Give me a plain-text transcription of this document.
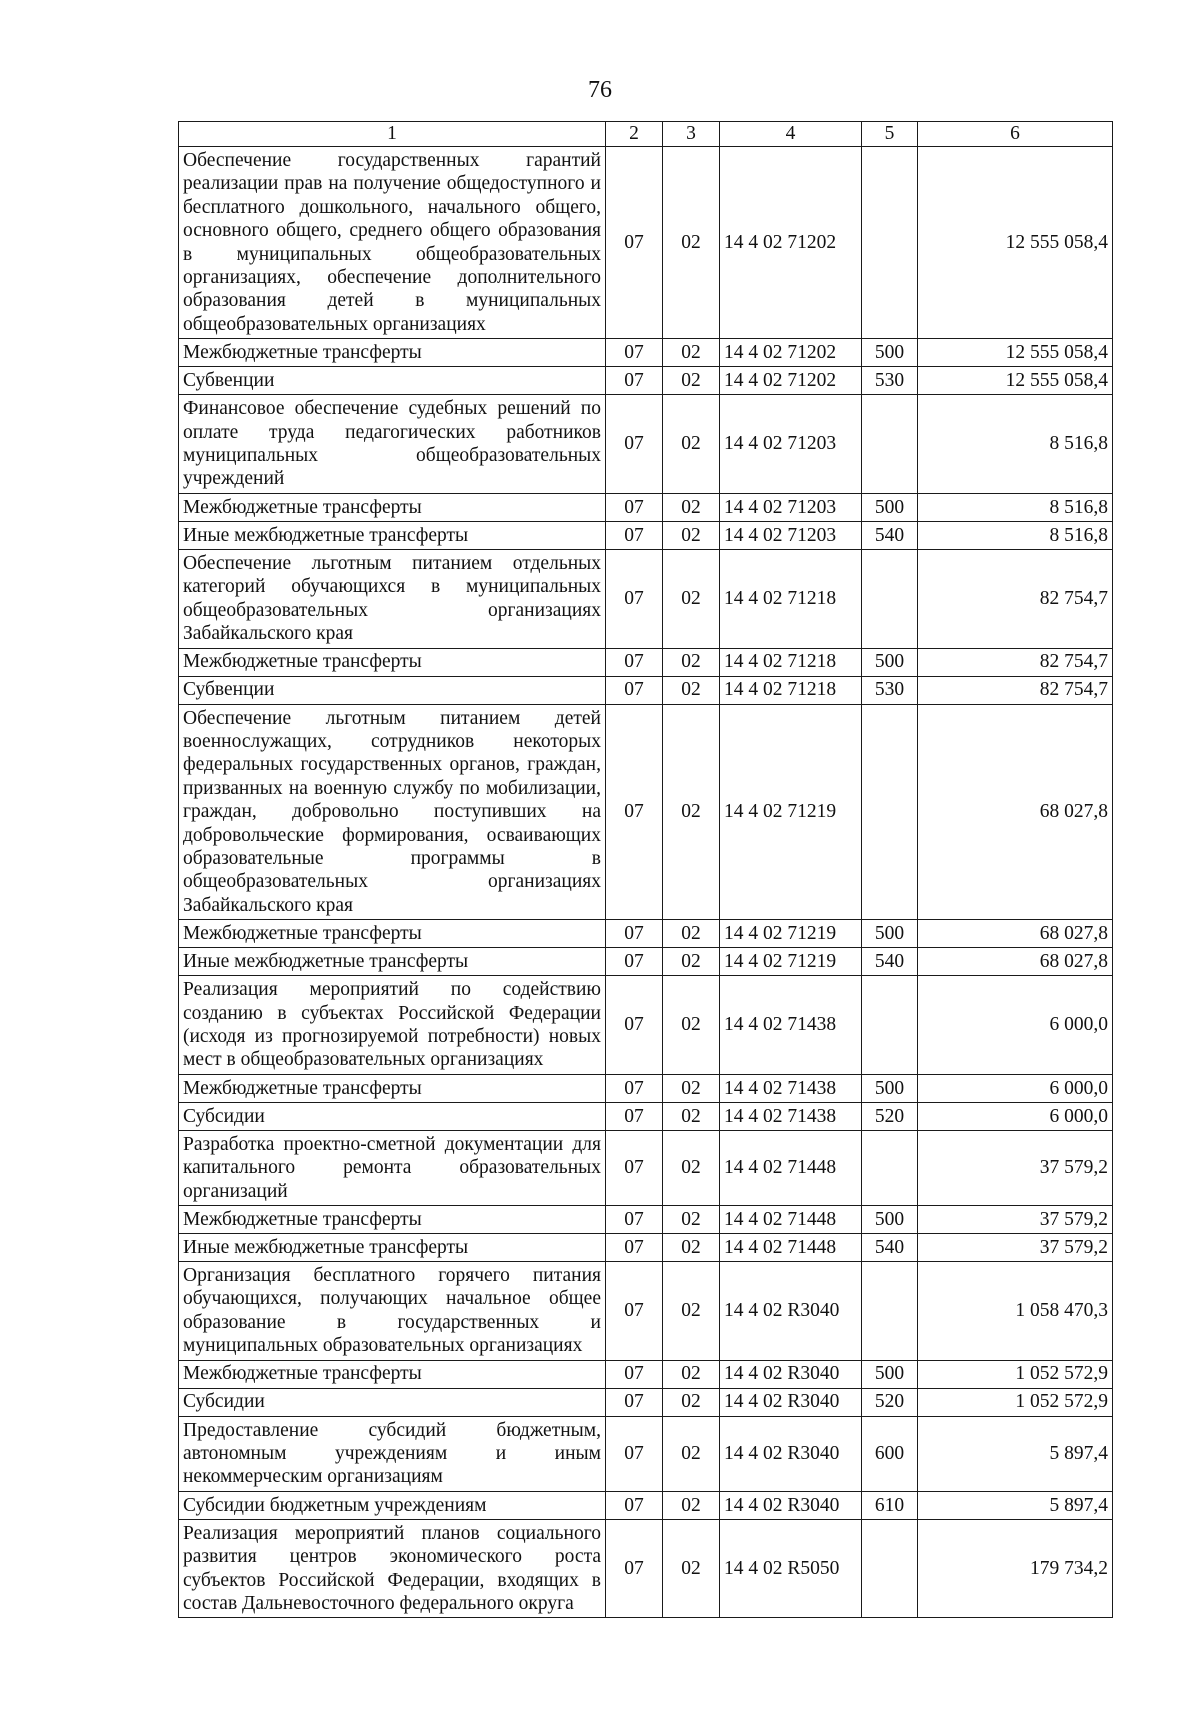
76
1	2	3	4	5	6
Обеспечение государственных гарантий реализации прав на получение общедоступного и бесплатного дошкольного, начального общего, основного общего, среднего общего образования в муниципальных общеобразовательных организациях, обеспечение дополнительного образования детей в муниципальных общеобразовательных организациях	07	02	14 4 02 71202		12 555 058,4
Межбюджетные трансферты	07	02	14 4 02 71202	500	12 555 058,4
Субвенции	07	02	14 4 02 71202	530	12 555 058,4
Финансовое обеспечение судебных решений по оплате труда педагогических работников муниципальных общеобразовательных учреждений	07	02	14 4 02 71203		8 516,8
Межбюджетные трансферты	07	02	14 4 02 71203	500	8 516,8
Иные межбюджетные трансферты	07	02	14 4 02 71203	540	8 516,8
Обеспечение льготным питанием отдельных категорий обучающихся в муниципальных общеобразовательных организациях Забайкальского края	07	02	14 4 02 71218		82 754,7
Межбюджетные трансферты	07	02	14 4 02 71218	500	82 754,7
Субвенции	07	02	14 4 02 71218	530	82 754,7
Обеспечение льготным питанием детей военнослужащих, сотрудников некоторых федеральных государственных органов, граждан, призванных на военную службу по мобилизации, граждан, добровольно поступивших на добровольческие формирования, осваивающих образовательные программы в общеобразовательных организациях Забайкальского края	07	02	14 4 02 71219		68 027,8
Межбюджетные трансферты	07	02	14 4 02 71219	500	68 027,8
Иные межбюджетные трансферты	07	02	14 4 02 71219	540	68 027,8
Реализация мероприятий по содействию созданию в субъектах Российской Федерации (исходя из прогнозируемой потребности) новых мест в общеобразовательных организациях	07	02	14 4 02 71438		6 000,0
Межбюджетные трансферты	07	02	14 4 02 71438	500	6 000,0
Субсидии	07	02	14 4 02 71438	520	6 000,0
Разработка проектно-сметной документации для капитального ремонта образовательных организаций	07	02	14 4 02 71448		37 579,2
Межбюджетные трансферты	07	02	14 4 02 71448	500	37 579,2
Иные межбюджетные трансферты	07	02	14 4 02 71448	540	37 579,2
Организация бесплатного горячего питания обучающихся, получающих начальное общее образование в государственных и муниципальных образовательных организациях	07	02	14 4 02 R3040		1 058 470,3
Межбюджетные трансферты	07	02	14 4 02 R3040	500	1 052 572,9
Субсидии	07	02	14 4 02 R3040	520	1 052 572,9
Предоставление субсидий бюджетным, автономным учреждениям и иным некоммерческим организациям	07	02	14 4 02 R3040	600	5 897,4
Субсидии бюджетным учреждениям	07	02	14 4 02 R3040	610	5 897,4
Реализация мероприятий планов социального развития центров экономического роста субъектов Российской Федерации, входящих в состав Дальневосточного федерального округа	07	02	14 4 02 R5050		179 734,2
